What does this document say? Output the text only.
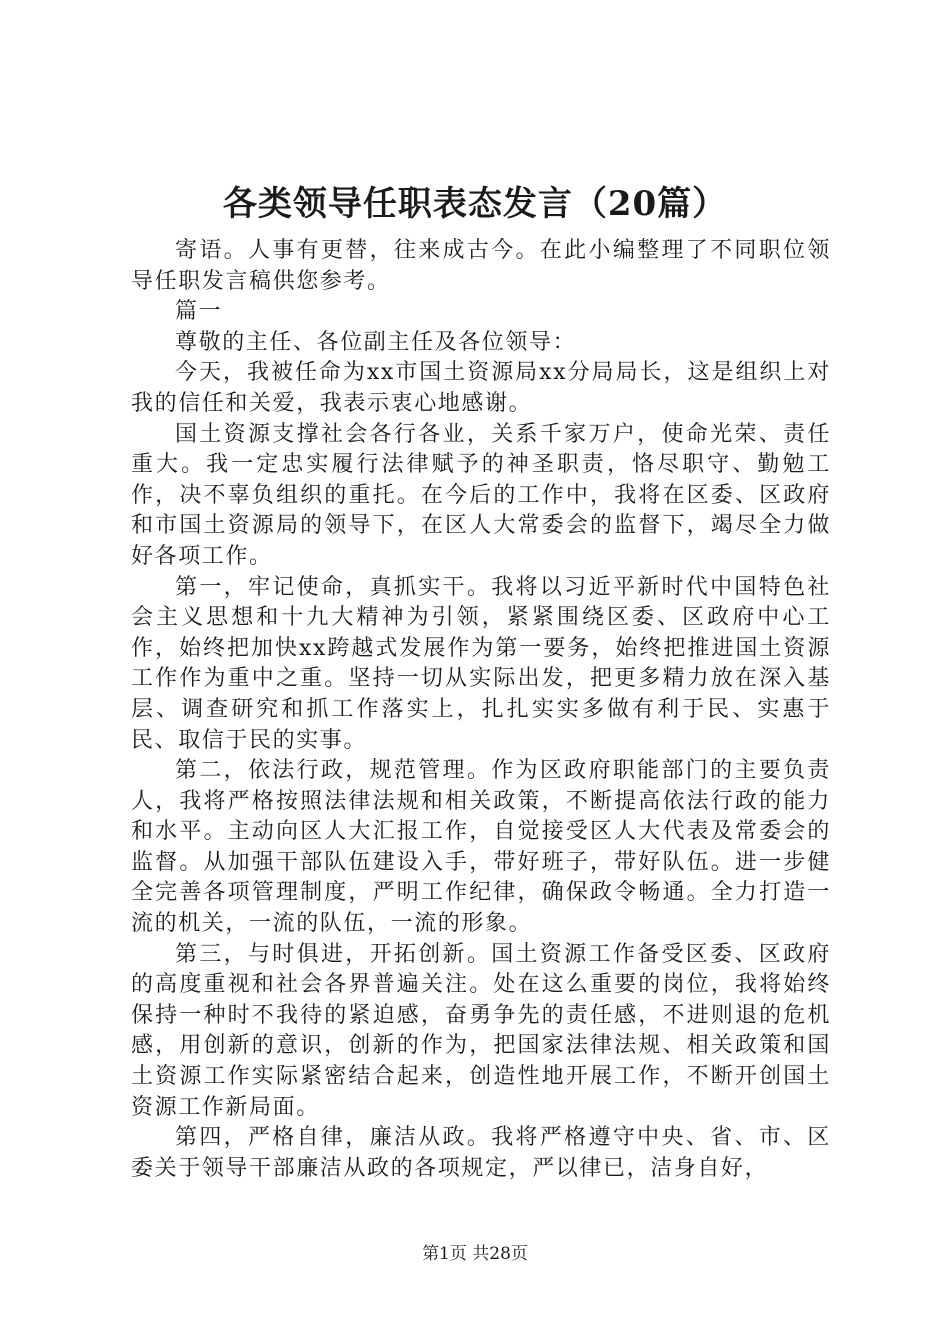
各类领导任职表态发言（20篇）

寄语。人事有更替，往来成古今。在此小编整理了不同职位领导任职发言稿供您参考。

篇一

尊敬的主任、各位副主任及各位领导：

今天，我被任命为xx市国土资源局xx分局局长，这是组织上对我的信任和关爱，我表示衷心地感谢。

国土资源支撑社会各行各业，关系千家万户，使命光荣、责任重大。我一定忠实履行法律赋予的神圣职责，恪尽职守、勤勉工作，决不辜负组织的重托。在今后的工作中，我将在区委、区政府和市国土资源局的领导下，在区人大常委会的监督下，竭尽全力做好各项工作。

第一，牢记使命，真抓实干。我将以习近平新时代中国特色社会主义思想和十九大精神为引领，紧紧围绕区委、区政府中心工作，始终把加快xx跨越式发展作为第一要务，始终把推进国土资源工作作为重中之重。坚持一切从实际出发，把更多精力放在深入基层、调查研究和抓工作落实上，扎扎实实多做有利于民、实惠于民、取信于民的实事。

第二，依法行政，规范管理。作为区政府职能部门的主要负责人，我将严格按照法律法规和相关政策，不断提高依法行政的能力和水平。主动向区人大汇报工作，自觉接受区人大代表及常委会的监督。从加强干部队伍建设入手，带好班子，带好队伍。进一步健全完善各项管理制度，严明工作纪律，确保政令畅通。全力打造一流的机关，一流的队伍，一流的形象。

第三，与时俱进，开拓创新。国土资源工作备受区委、区政府的高度重视和社会各界普遍关注。处在这么重要的岗位，我将始终保持一种时不我待的紧迫感，奋勇争先的责任感，不进则退的危机感，用创新的意识，创新的作为，把国家法律法规、相关政策和国土资源工作实际紧密结合起来，创造性地开展工作，不断开创国土资源工作新局面。

第四，严格自律，廉洁从政。我将严格遵守中央、省、市、区委关于领导干部廉洁从政的各项规定，严以律已，洁身自好，

第1页 共28页
